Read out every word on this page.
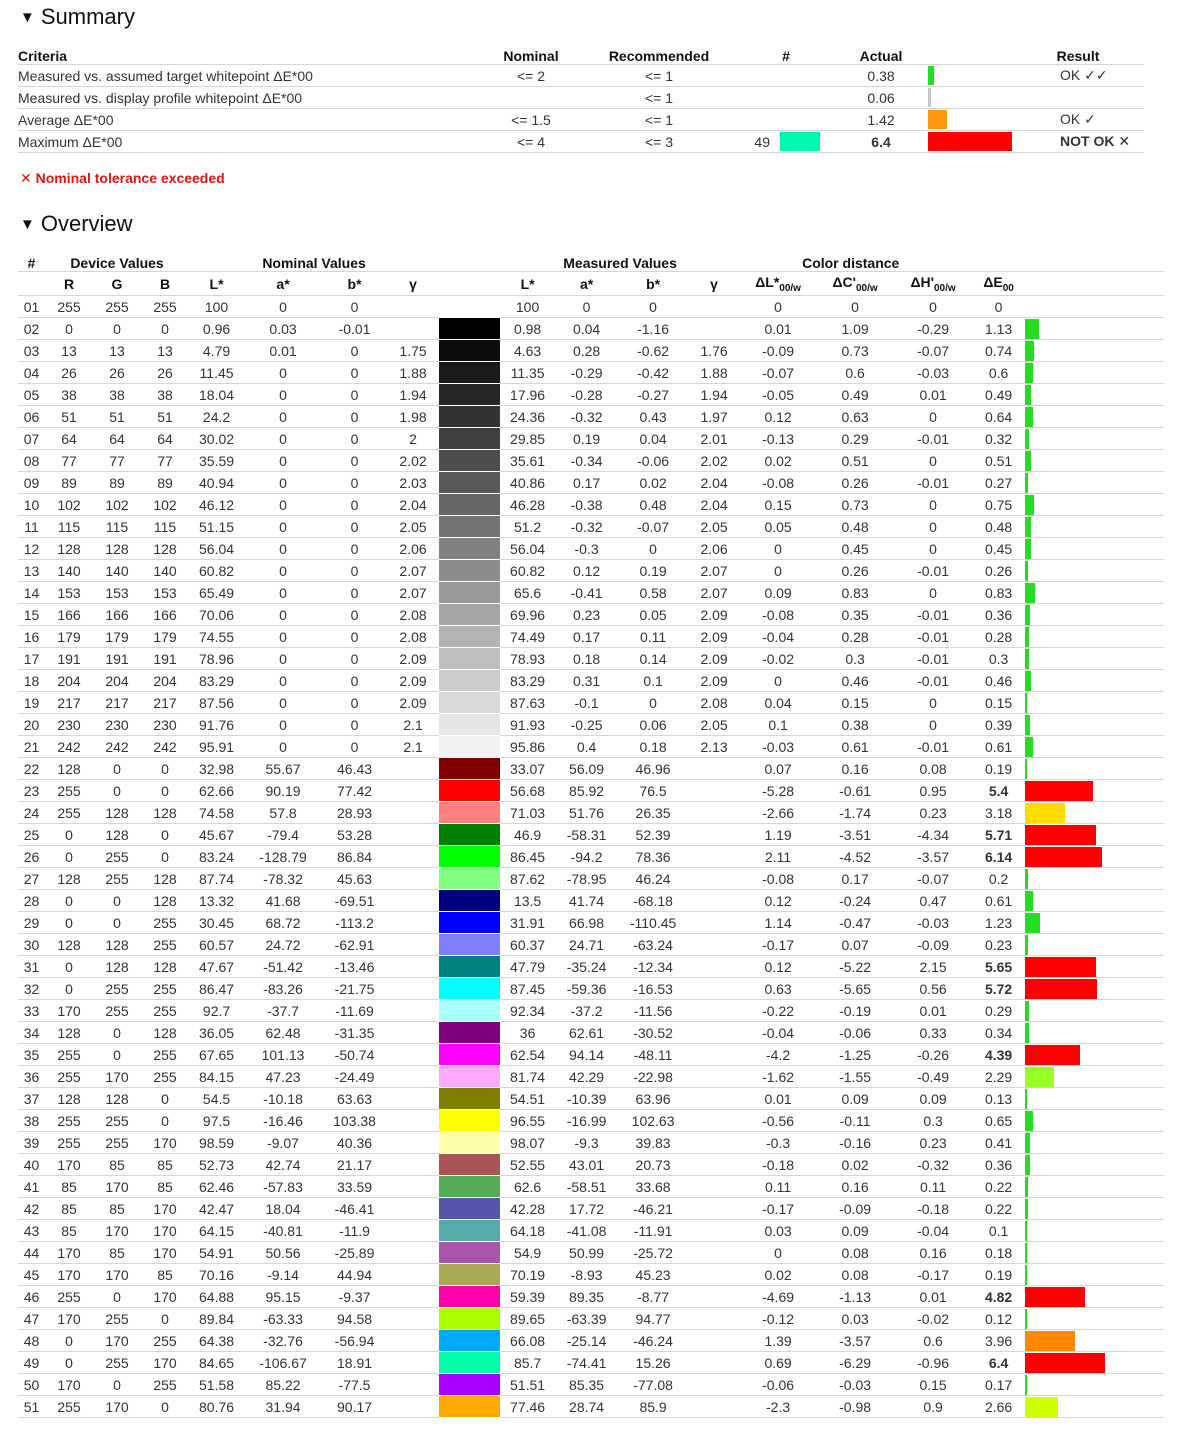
▼ Summary
Criteria	Nominal	Recommended	#		Actual			Result	
Measured vs. assumed target whitepoint ΔE*00	<= 2	<= 1			0.38				OK ✓✓
Measured vs. display profile whitepoint ΔE*00		<= 1			0.06		

Average ΔE*00	<= 1.5	<= 1			1.42				OK ✓
Maximum ΔE*00	<= 4	<= 3	49		6.4				NOT OK ✕
✕ Nominal tolerance exceeded
▼ Overview
#	Device Values			Nominal Values					Measured Values				Color distance				
	R	G	B	L*	a*	b*	γ		L*	a*	b*	γ	$\Delta L*_{00/w}$	$\Delta C'_{00/w}$	$\Delta H'_{00/w}$	$\Delta E_{00}$	
01	255	255	255	100	0	0			100	0	0		0	0	0	0	
02	0	0	0	0.96	0.03	-0.01			0.98	0.04	-1.16		0.01	1.09	-0.29	1.13	

03	13	13	13	4.79	0.01	0	1.75		4.63	0.28	-0.62	1.76	-0.09	0.73	-0.07	0.74	

04	26	26	26	11.45	0	0	1.88		11.35	-0.29	-0.42	1.88	-0.07	0.6	-0.03	0.6	

05	38	38	38	18.04	0	0	1.94		17.96	-0.28	-0.27	1.94	-0.05	0.49	0.01	0.49	

06	51	51	51	24.2	0	0	1.98		24.36	-0.32	0.43	1.97	0.12	0.63	0	0.64	

07	64	64	64	30.02	0	0	2		29.85	0.19	0.04	2.01	-0.13	0.29	-0.01	0.32	

08	77	77	77	35.59	0	0	2.02		35.61	-0.34	-0.06	2.02	0.02	0.51	0	0.51	

09	89	89	89	40.94	0	0	2.03		40.86	0.17	0.02	2.04	-0.08	0.26	-0.01	0.27	

10	102	102	102	46.12	0	0	2.04		46.28	-0.38	0.48	2.04	0.15	0.73	0	0.75	

11	115	115	115	51.15	0	0	2.05		51.2	-0.32	-0.07	2.05	0.05	0.48	0	0.48	

12	128	128	128	56.04	0	0	2.06		56.04	-0.3	0	2.06	0	0.45	0	0.45	

13	140	140	140	60.82	0	0	2.07		60.82	0.12	0.19	2.07	0	0.26	-0.01	0.26	

14	153	153	153	65.49	0	0	2.07		65.6	-0.41	0.58	2.07	0.09	0.83	0	0.83	

15	166	166	166	70.06	0	0	2.08		69.96	0.23	0.05	2.09	-0.08	0.35	-0.01	0.36	

16	179	179	179	74.55	0	0	2.08		74.49	0.17	0.11	2.09	-0.04	0.28	-0.01	0.28	

17	191	191	191	78.96	0	0	2.09		78.93	0.18	0.14	2.09	-0.02	0.3	-0.01	0.3	

18	204	204	204	83.29	0	0	2.09		83.29	0.31	0.1	2.09	0	0.46	-0.01	0.46	

19	217	217	217	87.56	0	0	2.09		87.63	-0.1	0	2.08	0.04	0.15	0	0.15	

20	230	230	230	91.76	0	0	2.1		91.93	-0.25	0.06	2.05	0.1	0.38	0	0.39	

21	242	242	242	95.91	0	0	2.1		95.86	0.4	0.18	2.13	-0.03	0.61	-0.01	0.61	

22	128	0	0	32.98	55.67	46.43			33.07	56.09	46.96		0.07	0.16	0.08	0.19	

23	255	0	0	62.66	90.19	77.42			56.68	85.92	76.5		-5.28	-0.61	0.95	5.4	

24	255	128	128	74.58	57.8	28.93			71.03	51.76	26.35		-2.66	-1.74	0.23	3.18	

25	0	128	0	45.67	-79.4	53.28			46.9	-58.31	52.39		1.19	-3.51	-4.34	5.71	

26	0	255	0	83.24	-128.79	86.84			86.45	-94.2	78.36		2.11	-4.52	-3.57	6.14	

27	128	255	128	87.74	-78.32	45.63			87.62	-78.95	46.24		-0.08	0.17	-0.07	0.2	

28	0	0	128	13.32	41.68	-69.51			13.5	41.74	-68.18		0.12	-0.24	0.47	0.61	

29	0	0	255	30.45	68.72	-113.2			31.91	66.98	-110.45		1.14	-0.47	-0.03	1.23	

30	128	128	255	60.57	24.72	-62.91			60.37	24.71	-63.24		-0.17	0.07	-0.09	0.23	

31	0	128	128	47.67	-51.42	-13.46			47.79	-35.24	-12.34		0.12	-5.22	2.15	5.65	

32	0	255	255	86.47	-83.26	-21.75			87.45	-59.36	-16.53		0.63	-5.65	0.56	5.72	

33	170	255	255	92.7	-37.7	-11.69			92.34	-37.2	-11.56		-0.22	-0.19	0.01	0.29	

34	128	0	128	36.05	62.48	-31.35			36	62.61	-30.52		-0.04	-0.06	0.33	0.34	

35	255	0	255	67.65	101.13	-50.74			62.54	94.14	-48.11		-4.2	-1.25	-0.26	4.39	

36	255	170	255	84.15	47.23	-24.49			81.74	42.29	-22.98		-1.62	-1.55	-0.49	2.29	

37	128	128	0	54.5	-10.18	63.63			54.51	-10.39	63.96		0.01	0.09	0.09	0.13	

38	255	255	0	97.5	-16.46	103.38			96.55	-16.99	102.63		-0.56	-0.11	0.3	0.65	

39	255	255	170	98.59	-9.07	40.36			98.07	-9.3	39.83		-0.3	-0.16	0.23	0.41	

40	170	85	85	52.73	42.74	21.17			52.55	43.01	20.73		-0.18	0.02	-0.32	0.36	

41	85	170	85	62.46	-57.83	33.59			62.6	-58.51	33.68		0.11	0.16	0.11	0.22	

42	85	85	170	42.47	18.04	-46.41			42.28	17.72	-46.21		-0.17	-0.09	-0.18	0.22	

43	85	170	170	64.15	-40.81	-11.9			64.18	-41.08	-11.91		0.03	0.09	-0.04	0.1	

44	170	85	170	54.91	50.56	-25.89			54.9	50.99	-25.72		0	0.08	0.16	0.18	

45	170	170	85	70.16	-9.14	44.94			70.19	-8.93	45.23		0.02	0.08	-0.17	0.19	

46	255	0	170	64.88	95.15	-9.37			59.39	89.35	-8.77		-4.69	-1.13	0.01	4.82	

47	170	255	0	89.84	-63.33	94.58			89.65	-63.39	94.77		-0.12	0.03	-0.02	0.12	

48	0	170	255	64.38	-32.76	-56.94			66.08	-25.14	-46.24		1.39	-3.57	0.6	3.96	

49	0	255	170	84.65	-106.67	18.91			85.7	-74.41	15.26		0.69	-6.29	-0.96	6.4	

50	170	0	255	51.58	85.22	-77.5			51.51	85.35	-77.08		-0.06	-0.03	0.15	0.17	

51	255	170	0	80.76	31.94	90.17			77.46	28.74	85.9		-2.3	-0.98	0.9	2.66	
